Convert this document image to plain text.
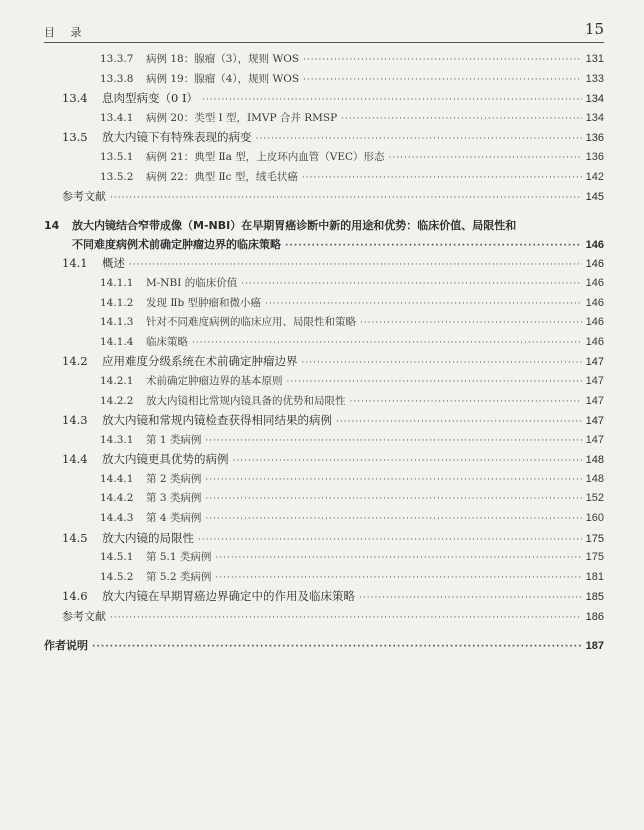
目 录	15
13.3.7	病例 18：腺瘤（3），规则 WOS ·····	131
13.3.8	病例 19：腺瘤（4），规则 WOS ·····	133
13.4	息肉型病变（0 Ⅰ） ·····	134
13.4.1	病例 20：类型 I 型，IMVP 合并 RMSP ·····	134
13.5	放大内镜下有特殊表现的病变 ·····	136
13.5.1	病例 21：典型 Ⅱa 型，上皮环内血管（VEC）形态 ·····	136
13.5.2	病例 22：典型 Ⅱc 型，绒毛状癌 ·····	142
参考文献 ·····	145
14 放大内镜结合窄带成像（M-NBI）在早期胃癌诊断中新的用途和优势：临床价值、局限性和
不同难度病例术前确定肿瘤边界的临床策略 ·····	146
14.1	概述 ·····	146
14.1.1	M-NBI 的临床价值 ·····	146
14.1.2	发现 Ⅱb 型肿瘤和微小癌 ·····	146
14.1.3	针对不同难度病例的临床应用、局限性和策略 ·····	146
14.1.4	临床策略 ·····	146
14.2	应用难度分级系统在术前确定肿瘤边界 ·····	147
14.2.1	术前确定肿瘤边界的基本原则 ·····	147
14.2.2	放大内镜相比常规内镜具备的优势和局限性 ·····	147
14.3	放大内镜和常规内镜检查获得相同结果的病例 ·····	147
14.3.1	第 1 类病例 ·····	147
14.4	放大内镜更具优势的病例 ·····	148
14.4.1	第 2 类病例 ·····	148
14.4.2	第 3 类病例 ·····	152
14.4.3	第 4 类病例 ·····	160
14.5	放大内镜的局限性 ·····	175
14.5.1	第 5.1 类病例 ·····	175
14.5.2	第 5.2 类病例 ·····	181
14.6	放大内镜在早期胃癌边界确定中的作用及临床策略 ·····	185
参考文献 ·····	186
作者说明 ·····	187
